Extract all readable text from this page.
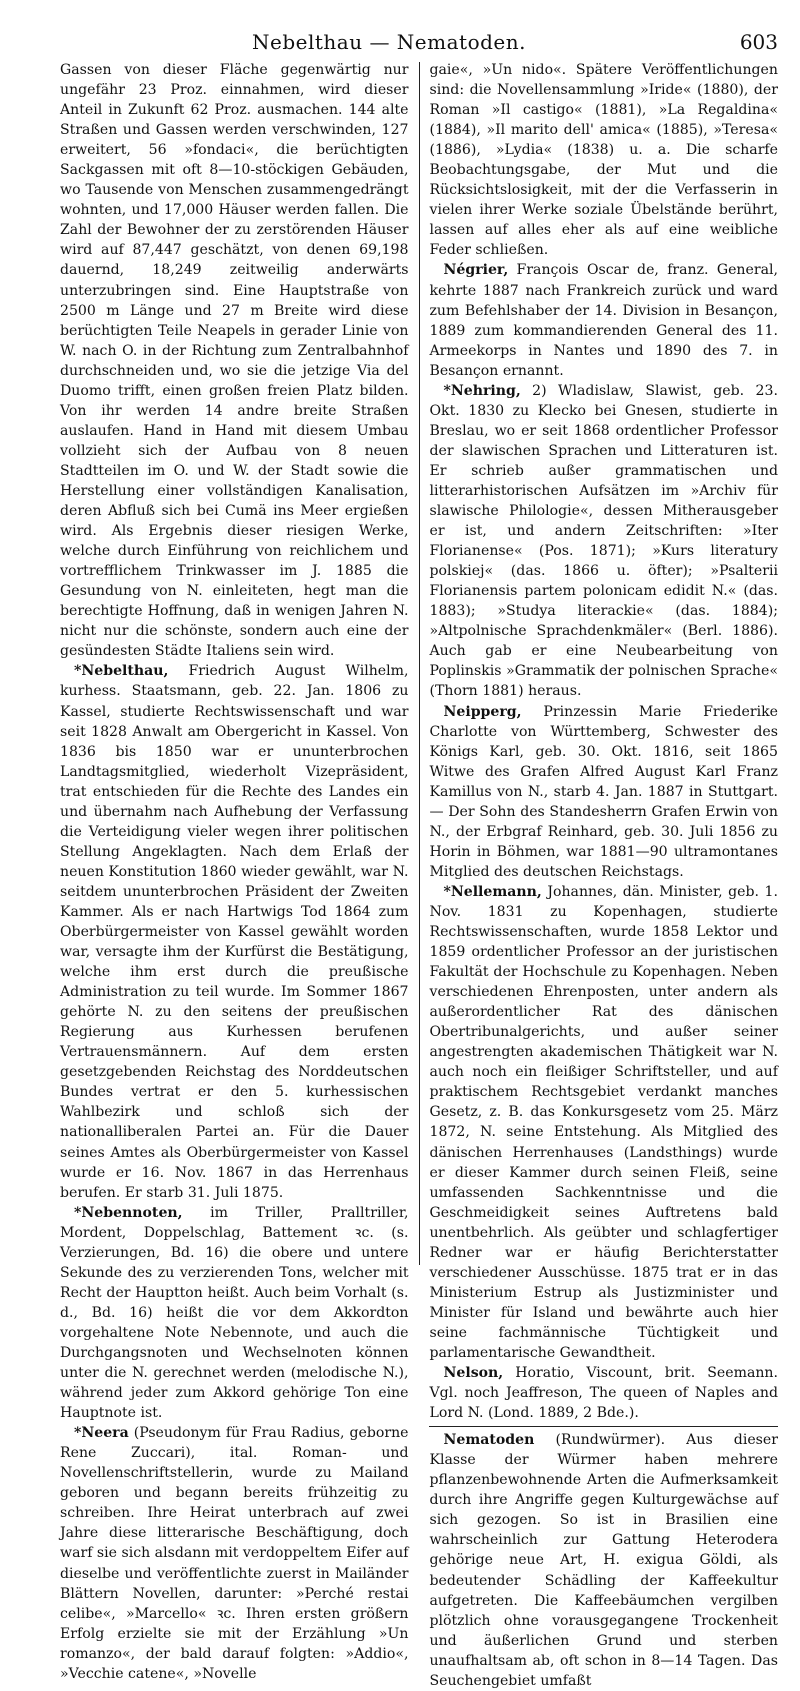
Nebelthau — Nematoden.	603

Gassen von dieser Fläche gegenwärtig nur ungefähr 23 Proz. einnahmen, wird dieser Anteil in Zukunft 62 Proz. ausmachen. 144 alte Straßen und Gassen werden verschwinden, 127 erweitert, 56 »fondaci«, die berüchtigten Sackgassen mit oft 8—10-stöckigen Gebäuden, wo Tausende von Menschen zusammengedrängt wohnten, und 17,000 Häuser werden fallen. Die Zahl der Bewohner der zu zerstörenden Häuser wird auf 87,447 geschätzt, von denen 69,198 dauernd, 18,249 zeitweilig anderwärts unterzubringen sind. Eine Hauptstraße von 2500 m Länge und 27 m Breite wird diese berüchtigten Teile Neapels in gerader Linie von W. nach O. in der Richtung zum Zentralbahnhof durchschneiden und, wo sie die jetzige Via del Duomo trifft, einen großen freien Platz bilden. Von ihr werden 14 andre breite Straßen auslaufen. Hand in Hand mit diesem Umbau vollzieht sich der Aufbau von 8 neuen Stadtteilen im O. und W. der Stadt sowie die Herstellung einer vollständigen Kanalisation, deren Abfluß sich bei Cumä ins Meer ergießen wird. Als Ergebnis dieser riesigen Werke, welche durch Einführung von reichlichem und vortrefflichem Trinkwasser im J. 1885 die Gesundung von N. einleiteten, hegt man die berechtigte Hoffnung, daß in wenigen Jahren N. nicht nur die schönste, sondern auch eine der gesündesten Städte Italiens sein wird.

*Nebelthau, Friedrich August Wilhelm, kurhess. Staatsmann, geb. 22. Jan. 1806 zu Kassel, studierte Rechtswissenschaft und war seit 1828 Anwalt am Obergericht in Kassel. Von 1836 bis 1850 war er ununterbrochen Landtagsmitglied, wiederholt Vizepräsident, trat entschieden für die Rechte des Landes ein und übernahm nach Aufhebung der Verfassung die Verteidigung vieler wegen ihrer politischen Stellung Angeklagten. Nach dem Erlaß der neuen Konstitution 1860 wieder gewählt, war N. seitdem ununterbrochen Präsident der Zweiten Kammer. Als er nach Hartwigs Tod 1864 zum Oberbürgermeister von Kassel gewählt worden war, versagte ihm der Kurfürst die Bestätigung, welche ihm erst durch die preußische Administration zu teil wurde. Im Sommer 1867 gehörte N. zu den seitens der preußischen Regierung aus Kurhessen berufenen Vertrauensmännern. Auf dem ersten gesetzgebenden Reichstag des Norddeutschen Bundes vertrat er den 5. kurhessischen Wahlbezirk und schloß sich der nationalliberalen Partei an. Für die Dauer seines Amtes als Oberbürgermeister von Kassel wurde er 16. Nov. 1867 in das Herrenhaus berufen. Er starb 31. Juli 1875.

*Nebennoten, im Triller, Pralltriller, Mordent, Doppelschlag, Battement ꝛc. (s. Verzierungen, Bd. 16) die obere und untere Sekunde des zu verzierenden Tons, welcher mit Recht der Hauptton heißt. Auch beim Vorhalt (s. d., Bd. 16) heißt die vor dem Akkordton vorgehaltene Note Nebennote, und auch die Durchgangsnoten und Wechselnoten können unter die N. gerechnet werden (melodische N.), während jeder zum Akkord gehörige Ton eine Hauptnote ist.

*Neera (Pseudonym für Frau Radius, geborne Rene Zuccari), ital. Roman- und Novellenschriftstellerin, wurde zu Mailand geboren und begann bereits frühzeitig zu schreiben. Ihre Heirat unterbrach auf zwei Jahre diese litterarische Beschäftigung, doch warf sie sich alsdann mit verdoppeltem Eifer auf dieselbe und veröffentlichte zuerst in Mailänder Blättern Novellen, darunter: »Perché restai celibe«, »Marcello« ꝛc. Ihren ersten größern Erfolg erzielte sie mit der Erzählung »Un romanzo«, der bald darauf folgten: »Addio«, »Vecchie catene«, »Novelle

gaie«, »Un nido«. Spätere Veröffentlichungen sind: die Novellensammlung »Iride« (1880), der Roman »Il castigo« (1881), »La Regaldina« (1884), »Il marito dell' amica« (1885), »Teresa« (1886), »Lydia« (1838) u. a. Die scharfe Beobachtungsgabe, der Mut und die Rücksichtslosigkeit, mit der die Verfasserin in vielen ihrer Werke soziale Übelstände berührt, lassen auf alles eher als auf eine weibliche Feder schließen.

Négrier, François Oscar de, franz. General, kehrte 1887 nach Frankreich zurück und ward zum Befehlshaber der 14. Division in Besançon, 1889 zum kommandierenden General des 11. Armeekorps in Nantes und 1890 des 7. in Besançon ernannt.

*Nehring, 2) Wladislaw, Slawist, geb. 23. Okt. 1830 zu Klecko bei Gnesen, studierte in Breslau, wo er seit 1868 ordentlicher Professor der slawischen Sprachen und Litteraturen ist. Er schrieb außer grammatischen und litterarhistorischen Aufsätzen im »Archiv für slawische Philologie«, dessen Mitherausgeber er ist, und andern Zeitschriften: »Iter Florianense« (Pos. 1871); »Kurs literatury polskiej« (das. 1866 u. öfter); »Psalterii Florianensis partem polonicam edidit N.« (das. 1883); »Studya literackie« (das. 1884); »Altpolnische Sprachdenkmäler« (Berl. 1886). Auch gab er eine Neubearbeitung von Poplinskis »Grammatik der polnischen Sprache« (Thorn 1881) heraus.

Neipperg, Prinzessin Marie Friederike Charlotte von Württemberg, Schwester des Königs Karl, geb. 30. Okt. 1816, seit 1865 Witwe des Grafen Alfred August Karl Franz Kamillus von N., starb 4. Jan. 1887 in Stuttgart. — Der Sohn des Standesherrn Grafen Erwin von N., der Erbgraf Reinhard, geb. 30. Juli 1856 zu Horin in Böhmen, war 1881—90 ultramontanes Mitglied des deutschen Reichstags.

*Nellemann, Johannes, dän. Minister, geb. 1. Nov. 1831 zu Kopenhagen, studierte Rechtswissenschaften, wurde 1858 Lektor und 1859 ordentlicher Professor an der juristischen Fakultät der Hochschule zu Kopenhagen. Neben verschiedenen Ehrenposten, unter andern als außerordentlicher Rat des dänischen Obertribunalgerichts, und außer seiner angestrengten akademischen Thätigkeit war N. auch noch ein fleißiger Schriftsteller, und auf praktischem Rechtsgebiet verdankt manches Gesetz, z. B. das Konkursgesetz vom 25. März 1872, N. seine Entstehung. Als Mitglied des dänischen Herrenhauses (Landsthings) wurde er dieser Kammer durch seinen Fleiß, seine umfassenden Sachkenntnisse und die Geschmeidigkeit seines Auftretens bald unentbehrlich. Als geübter und schlagfertiger Redner war er häufig Berichterstatter verschiedener Ausschüsse. 1875 trat er in das Ministerium Estrup als Justizminister und Minister für Island und bewährte auch hier seine fachmännische Tüchtigkeit und parlamentarische Gewandtheit.

Nelson, Horatio, Viscount, brit. Seemann. Vgl. noch Jeaffreson, The queen of Naples and Lord N. (Lond. 1889, 2 Bde.).

Nematoden (Rundwürmer). Aus dieser Klasse der Würmer haben mehrere pflanzenbewohnende Arten die Aufmerksamkeit durch ihre Angriffe gegen Kulturgewächse auf sich gezogen. So ist in Brasilien eine wahrscheinlich zur Gattung Heterodera gehörige neue Art, H. exigua Göldi, als bedeutender Schädling der Kaffeekultur aufgetreten. Die Kaffeebäumchen vergilben plötzlich ohne vorausgegangene Trockenheit und äußerlichen Grund und sterben unaufhaltsam ab, oft schon in 8—14 Tagen. Das Seuchengebiet umfaßt
